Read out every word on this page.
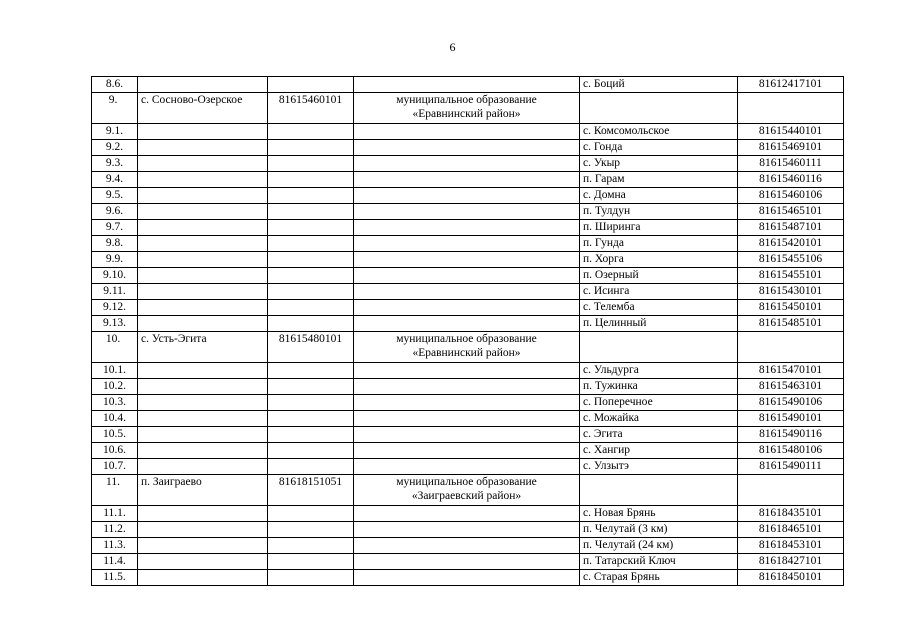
6
8.6.				с. Боций	81612417101
9.	с. Сосново-Озерское	81615460101	муниципальное образование
«Еравнинский район»		

9.1.				с. Комсомольское	81615440101
9.2.				с. Гонда	81615469101
9.3.				с. Укыр	81615460111
9.4.				п. Гарам	81615460116
9.5.				с. Домна	81615460106
9.6.				п. Тулдун	81615465101
9.7.				п. Ширинга	81615487101
9.8.				п. Гунда	81615420101
9.9.				п. Хорга	81615455106
9.10.				п. Озерный	81615455101
9.11.				с. Исинга	81615430101
9.12.				с. Телемба	81615450101
9.13.				п. Целинный	81615485101
10.	с. Усть-Эгита	81615480101	муниципальное образование
«Еравнинский район»		

10.1.				с. Ульдурга	81615470101
10.2.				п. Тужинка	81615463101
10.3.				с. Поперечное	81615490106
10.4.				с. Можайка	81615490101
10.5.				с. Эгита	81615490116
10.6.				с. Хангир	81615480106
10.7.				с. Улзытэ	81615490111
11.	п. Заиграево	81618151051	муниципальное образование
«Заиграевский район»		

11.1.				с. Новая Брянь	81618435101
11.2.				п. Челутай (3 км)	81618465101
11.3.				п. Челутай (24 км)	81618453101
11.4.				п. Татарский Ключ	81618427101
11.5.				с. Старая Брянь	81618450101
